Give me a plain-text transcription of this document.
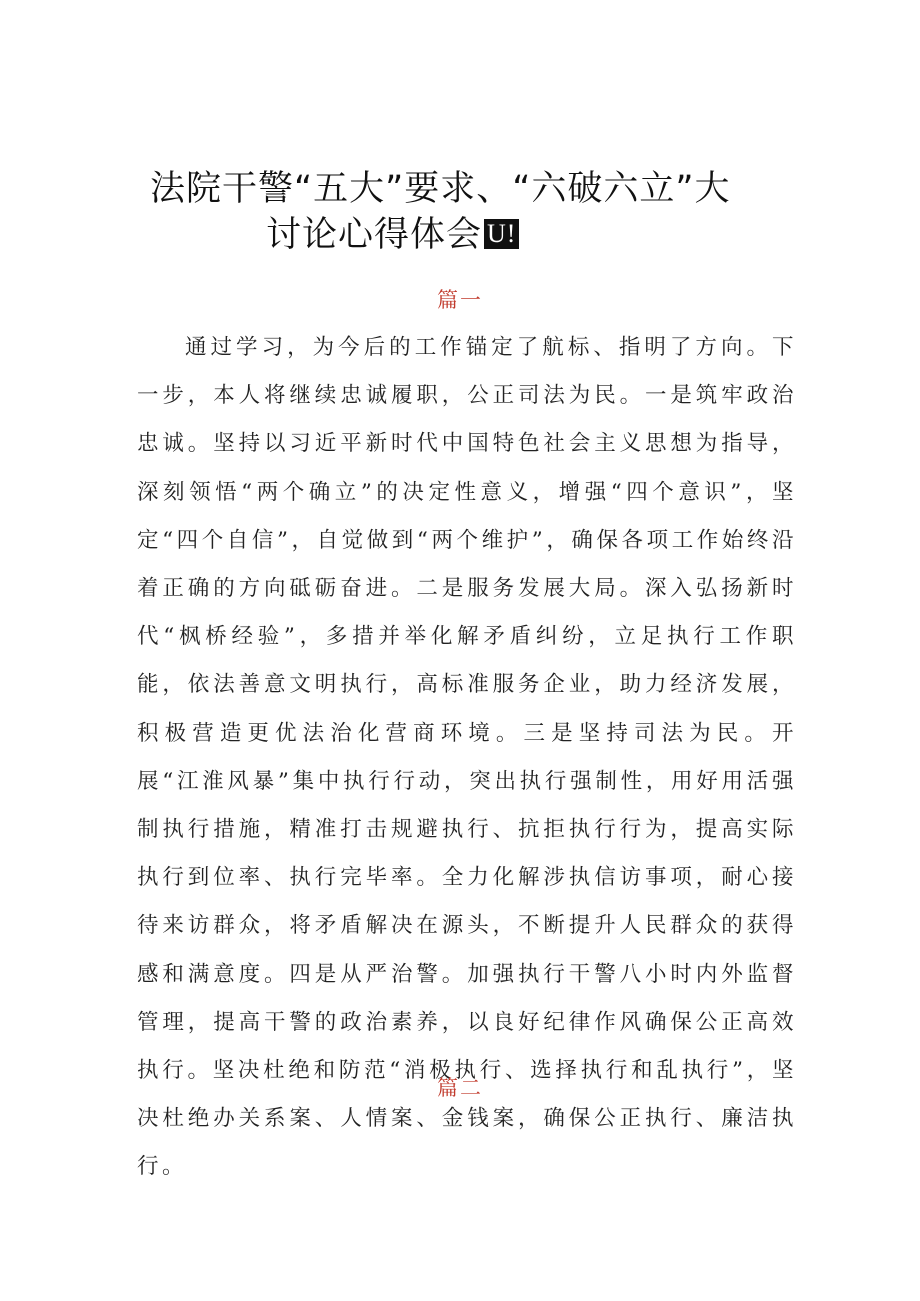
法院干警“五大”要求、“六破六立”大
讨论心得体会 U!
篇一

通过学习，为今后的工作锚定了航标、指明了方向。下一步，本人将继续忠诚履职，公正司法为民。一是筑牢政治忠诚。坚持以习近平新时代中国特色社会主义思想为指导，深刻领悟“两个确立”的决定性意义，增强“四个意识”，坚定“四个自信”，自觉做到“两个维护”，确保各项工作始终沿着正确的方向砥砺奋进。二是服务发展大局。深入弘扬新时代“枫桥经验”，多措并举化解矛盾纠纷，立足执行工作职能，依法善意文明执行，高标准服务企业，助力经济发展，积极营造更优法治化营商环境。三是坚持司法为民。开展“江淮风暴”集中执行行动，突出执行强制性，用好用活强制执行措施，精准打击规避执行、抗拒执行行为，提高实际执行到位率、执行完毕率。全力化解涉执信访事项，耐心接待来访群众，将矛盾解决在源头，不断提升人民群众的获得感和满意度。四是从严治警。加强执行干警八小时内外监督管理，提高干警的政治素养，以良好纪律作风确保公正高效执行。坚决杜绝和防范“消极执行、选择执行和乱执行”，坚决杜绝办关系案、人情案、金钱案，确保公正执行、廉洁执行。

篇二
